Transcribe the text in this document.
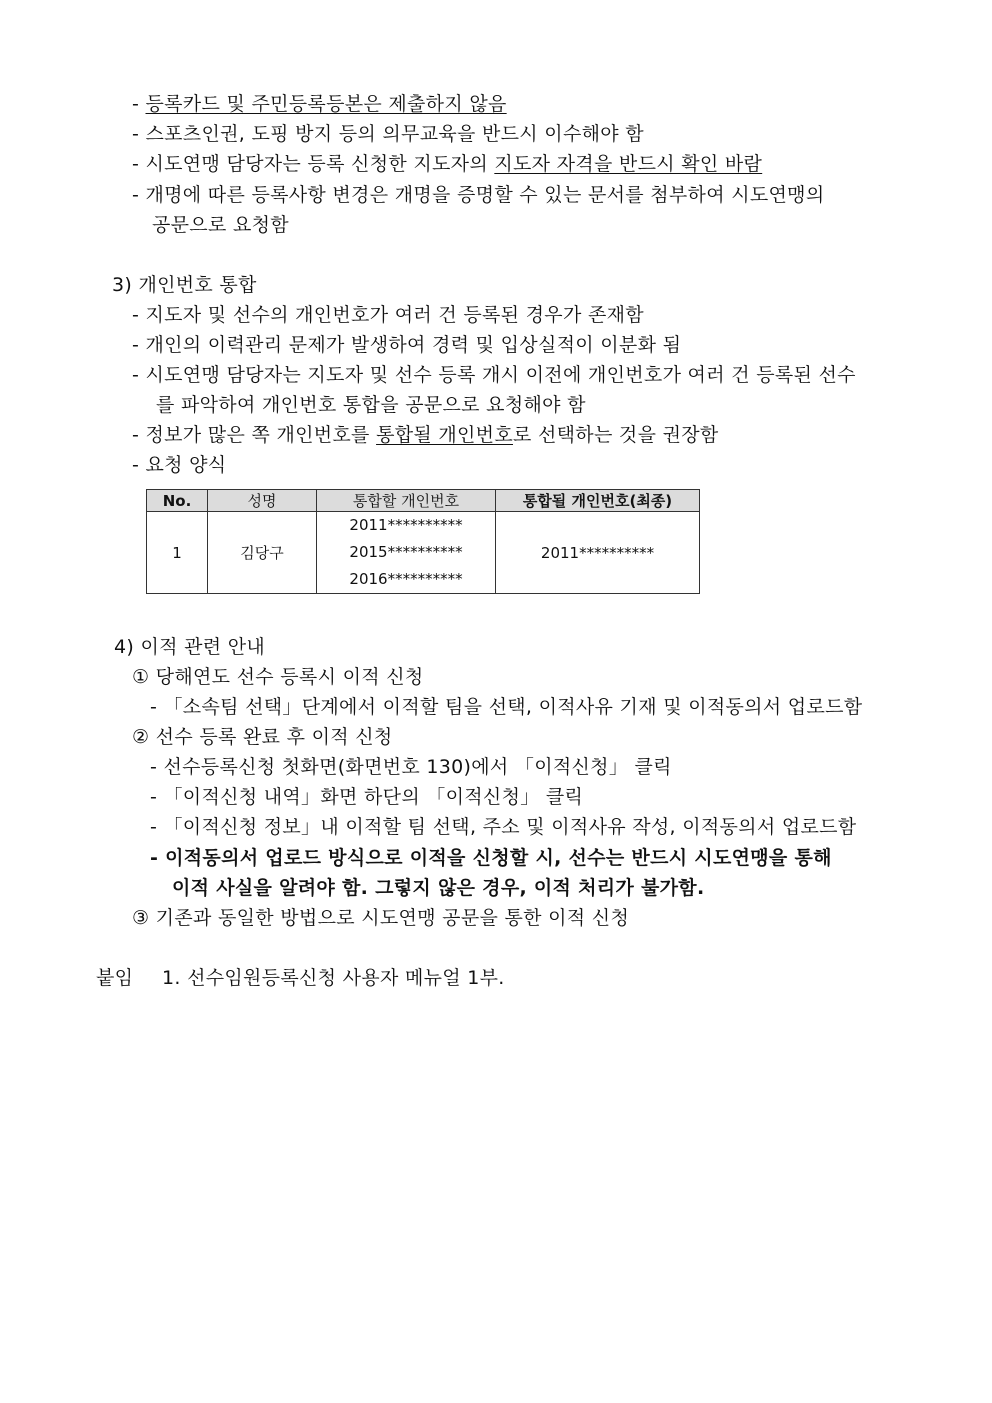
- 등록카드 및 주민등록등본은 제출하지 않음
- 스포츠인권, 도핑 방지 등의 의무교육을 반드시 이수해야 함
- 시도연맹 담당자는 등록 신청한 지도자의 지도자 자격을 반드시 확인 바람
- 개명에 따른 등록사항 변경은 개명을 증명할 수 있는 문서를 첨부하여 시도연맹의
공문으로 요청함
3) 개인번호 통합
- 지도자 및 선수의 개인번호가 여러 건 등록된 경우가 존재함
- 개인의 이력관리 문제가 발생하여 경력 및 입상실적이 이분화 됨
- 시도연맹 담당자는 지도자 및 선수 등록 개시 이전에 개인번호가 여러 건 등록된 선수
를 파악하여 개인번호 통합을 공문으로 요청해야 함
- 정보가 많은 쪽 개인번호를 통합될 개인번호로 선택하는 것을 권장함
- 요청 양식
No.	성명	통합할 개인번호	통합될 개인번호(최종)
1	김당구	2011**********
2015**********
2016**********	2011**********
4) 이적 관련 안내
① 당해연도 선수 등록시 이적 신청
- 「소속팀 선택」단계에서 이적할 팀을 선택, 이적사유 기재 및 이적동의서 업로드함
② 선수 등록 완료 후 이적 신청
- 선수등록신청 첫화면(화면번호 130)에서 「이적신청」 클릭
- 「이적신청 내역」화면 하단의 「이적신청」 클릭
- 「이적신청 정보」내 이적할 팀 선택, 주소 및 이적사유 작성, 이적동의서 업로드함
- 이적동의서 업로드 방식으로 이적을 신청할 시, 선수는 반드시 시도연맹을 통해
이적 사실을 알려야 함. 그렇지 않은 경우, 이적 처리가 불가함.
③ 기존과 동일한 방법으로 시도연맹 공문을 통한 이적 신청
붙임 1. 선수임원등록신청 사용자 메뉴얼 1부.
